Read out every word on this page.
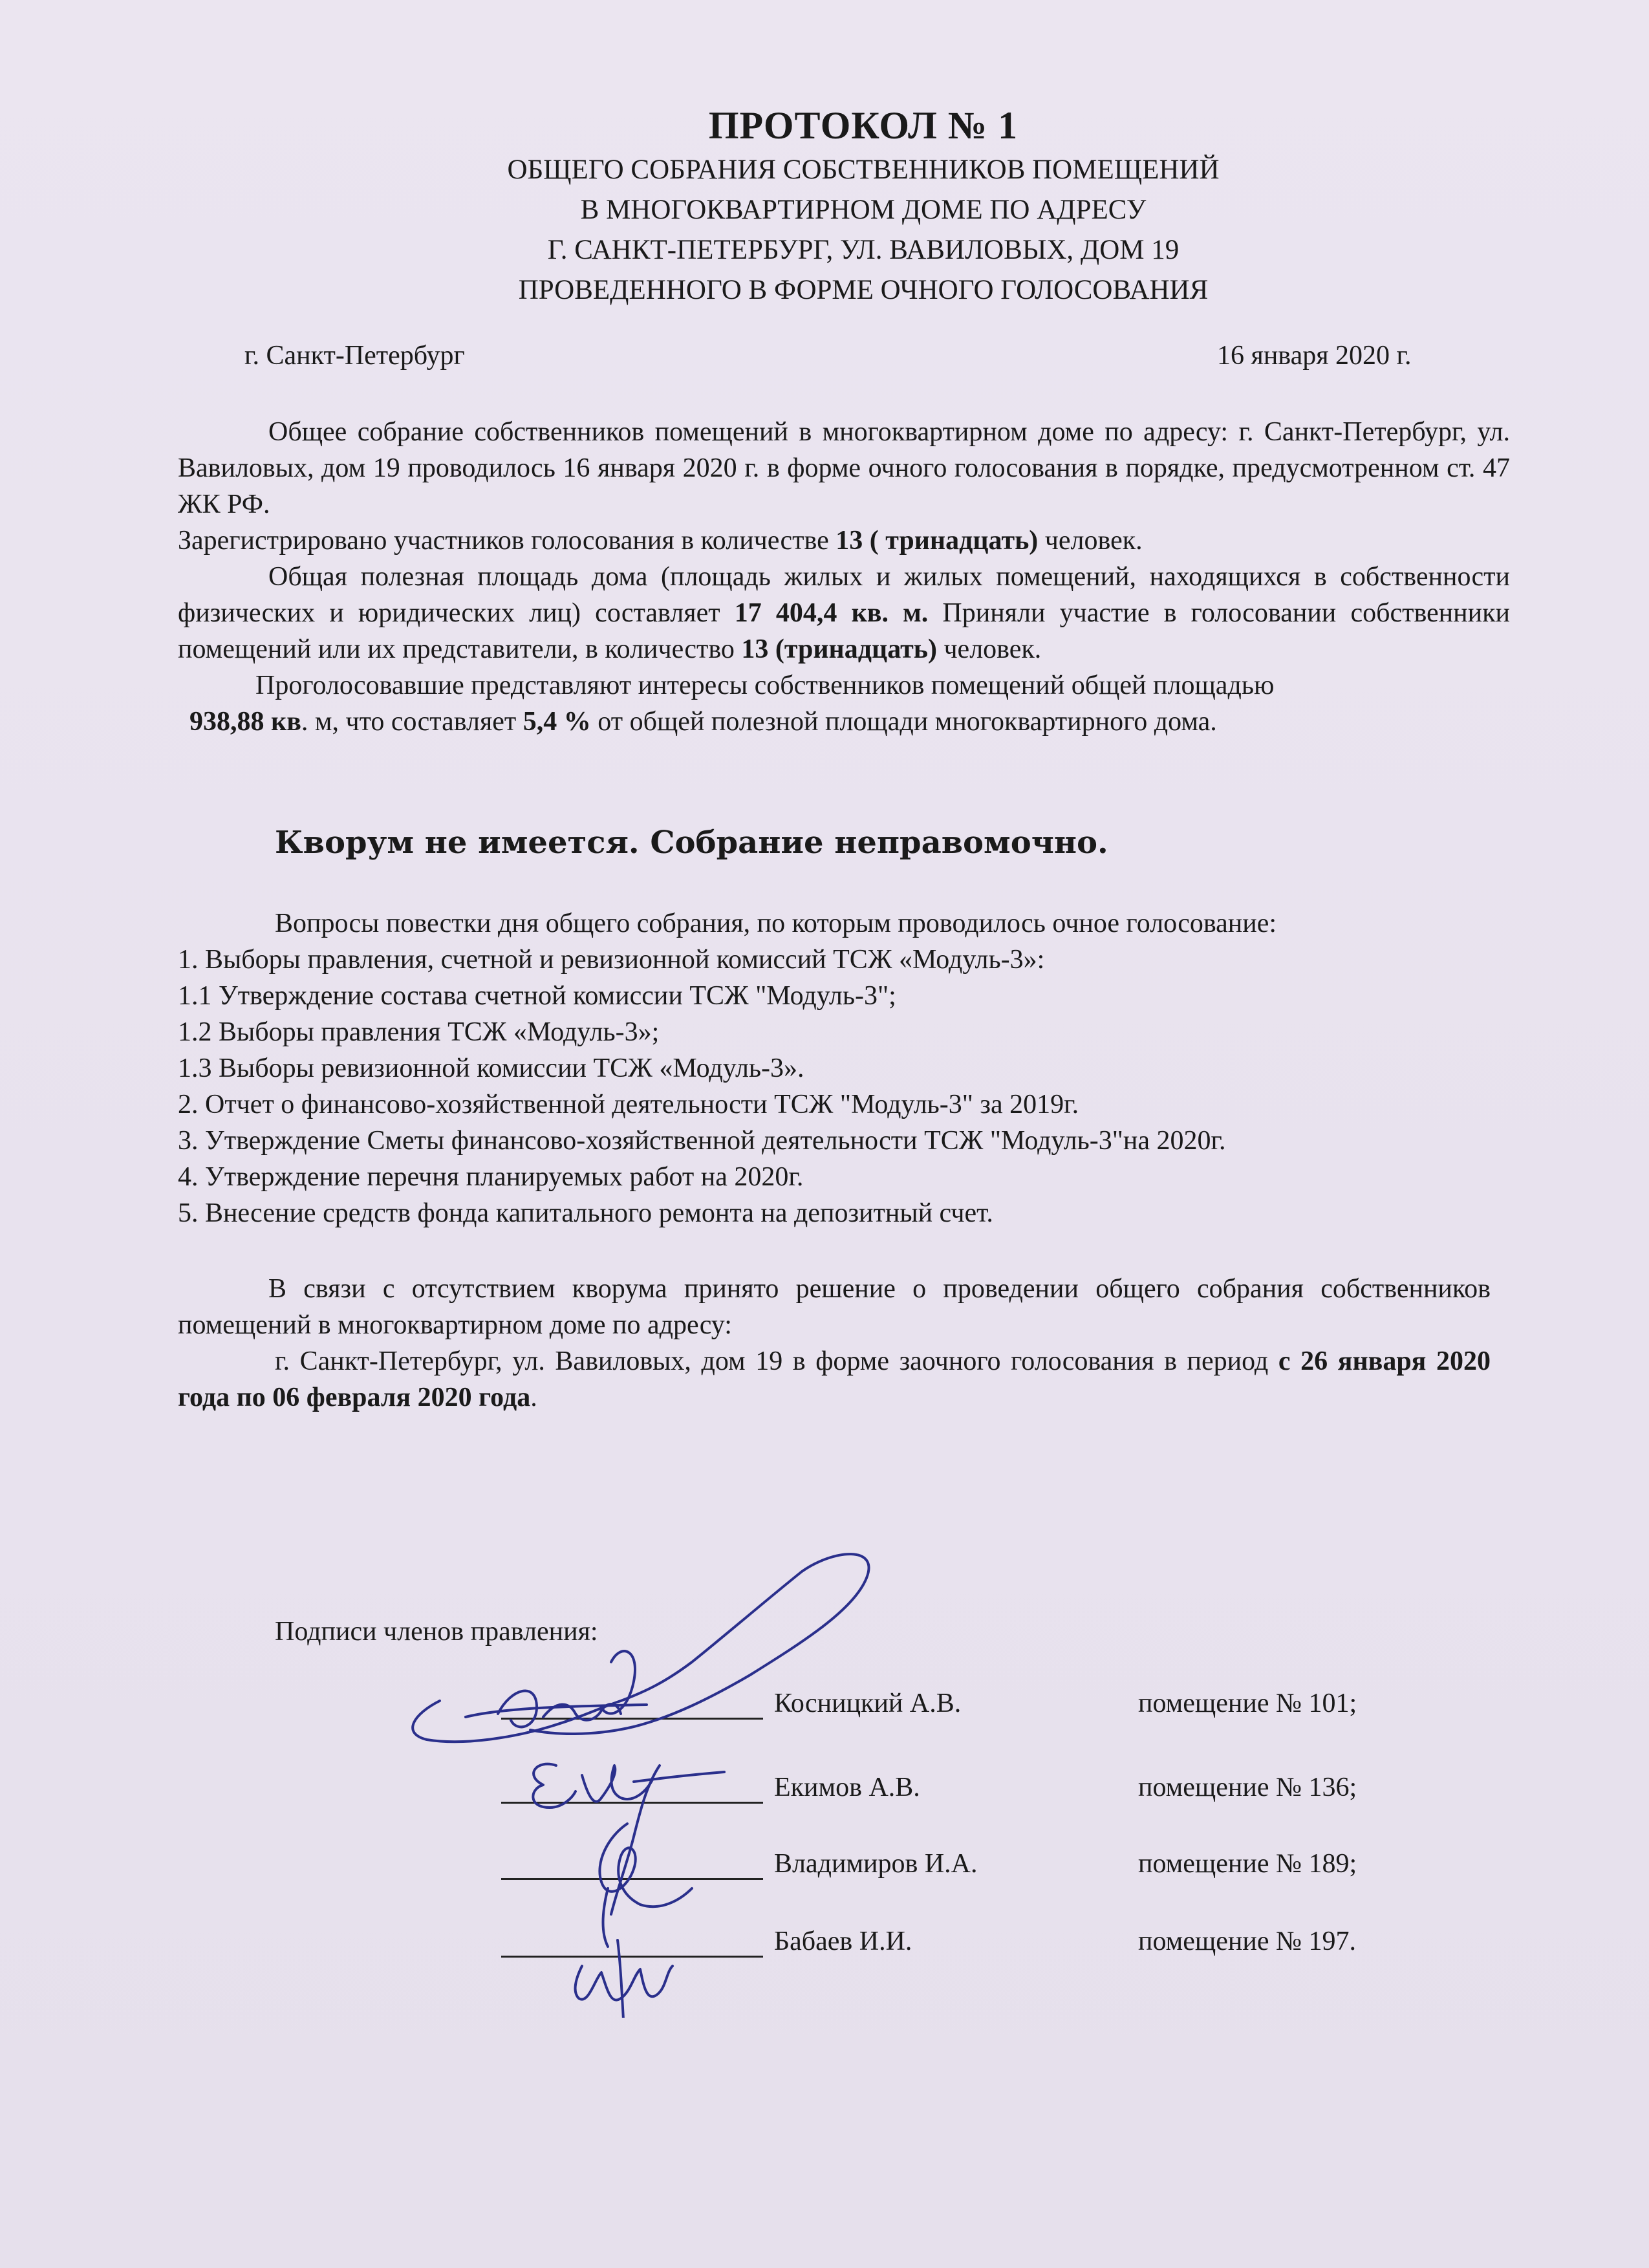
ПРОТОКОЛ № 1
ОБЩЕГО СОБРАНИЯ СОБСТВЕННИКОВ ПОМЕЩЕНИЙ
В МНОГОКВАРТИРНОМ ДОМЕ ПО АДРЕСУ
Г. САНКТ-ПЕТЕРБУРГ, УЛ. ВАВИЛОВЫХ, ДОМ 19
ПРОВЕДЕННОГО В ФОРМЕ ОЧНОГО ГОЛОСОВАНИЯ
г. Санкт-Петербург	16 января 2020 г.
Общее собрание собственников помещений в многоквартирном доме по адресу: г. Санкт-Петербург, ул. Вавиловых, дом 19 проводилось 16 января 2020 г. в форме очного голосования в порядке, предусмотренном ст. 47 ЖК РФ.
Зарегистрировано участников голосования в количестве 13 ( тринадцать) человек.
Общая полезная площадь дома (площадь жилых и жилых помещений, находящихся в собственности физических и юридических лиц) составляет 17 404,4 кв. м. Приняли участие в голосовании собственники помещений или их представители, в количество 13 (тринадцать) человек.
Проголосовавшие представляют интересы собственников помещений общей площадью
938,88 кв. м, что составляет 5,4 % от общей полезной площади многоквартирного дома.
Кворум не имеется. Собрание неправомочно.
Вопросы повестки дня общего собрания, по которым проводилось очное голосование:
1. Выборы правления, счетной и ревизионной комиссий ТСЖ «Модуль-3»:
1.1 Утверждение состава счетной комиссии ТСЖ "Модуль-3";
1.2 Выборы правления ТСЖ «Модуль-3»;
1.3 Выборы ревизионной комиссии ТСЖ «Модуль-3».
2. Отчет о финансово-хозяйственной деятельности ТСЖ "Модуль-3" за 2019г.
3. Утверждение Сметы финансово-хозяйственной деятельности ТСЖ "Модуль-3"на 2020г.
4. Утверждение перечня планируемых работ на 2020г.
5. Внесение средств фонда капитального ремонта на депозитный счет.
В связи с отсутствием кворума принято решение о проведении общего собрания собственников помещений в многоквартирном доме по адресу:
г. Санкт-Петербург, ул. Вавиловых, дом 19 в форме заочного голосования в период с 26 января 2020 года по 06 февраля 2020 года.
Подписи членов правления:
Косницкий А.В.	помещение № 101;
Екимов А.В.	помещение № 136;
Владимиров И.А.	помещение № 189;
Бабаев И.И.	помещение № 197.
